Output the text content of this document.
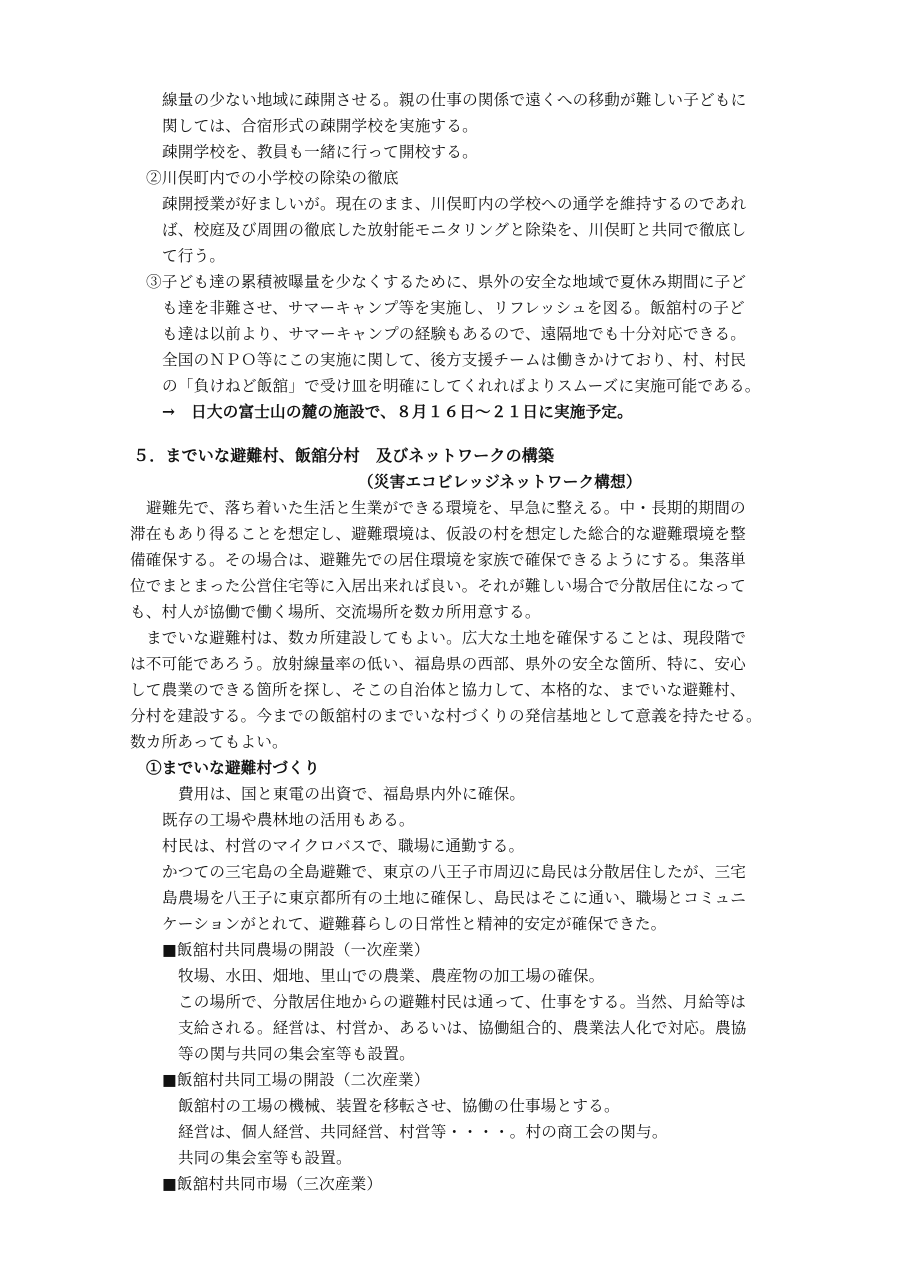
線量の少ない地域に疎開させる。親の仕事の関係で遠くへの移動が難しい子どもに
関しては、合宿形式の疎開学校を実施する。
疎開学校を、教員も一緒に行って開校する。
②川俣町内での小学校の除染の徹底
疎開授業が好ましいが。現在のまま、川俣町内の学校への通学を維持するのであれ
ば、校庭及び周囲の徹底した放射能モニタリングと除染を、川俣町と共同で徹底し
て行う。
③子ども達の累積被曝量を少なくするために、県外の安全な地域で夏休み期間に子ど
も達を非難させ、サマーキャンプ等を実施し、リフレッシュを図る。飯舘村の子ど
も達は以前より、サマーキャンプの経験もあるので、遠隔地でも十分対応できる。
全国のＮＰＯ等にこの実施に関して、後方支援チームは働きかけており、村、村民
の「負けねど飯舘」で受け皿を明確にしてくれればよりスムーズに実施可能である。
→　日大の富士山の麓の施設で、８月１６日～２１日に実施予定。
５．までいな避難村、飯舘分村　及びネットワークの構築
（災害エコビレッジネットワーク構想）
避難先で、落ち着いた生活と生業ができる環境を、早急に整える。中・長期的期間の
滞在もあり得ることを想定し、避難環境は、仮設の村を想定した総合的な避難環境を整
備確保する。その場合は、避難先での居住環境を家族で確保できるようにする。集落単
位でまとまった公営住宅等に入居出来れば良い。それが難しい場合で分散居住になって
も、村人が協働で働く場所、交流場所を数カ所用意する。
までいな避難村は、数カ所建設してもよい。広大な土地を確保することは、現段階で
は不可能であろう。放射線量率の低い、福島県の西部、県外の安全な箇所、特に、安心
して農業のできる箇所を探し、そこの自治体と協力して、本格的な、までいな避難村、
分村を建設する。今までの飯舘村のまでいな村づくりの発信基地として意義を持たせる。
数カ所あってもよい。
①までいな避難村づくり
費用は、国と東電の出資で、福島県内外に確保。
既存の工場や農林地の活用もある。
村民は、村営のマイクロバスで、職場に通勤する。
かつての三宅島の全島避難で、東京の八王子市周辺に島民は分散居住したが、三宅
島農場を八王子に東京都所有の土地に確保し、島民はそこに通い、職場とコミュニ
ケーションがとれて、避難暮らしの日常性と精神的安定が確保できた。
■飯舘村共同農場の開設（一次産業）
牧場、水田、畑地、里山での農業、農産物の加工場の確保。
この場所で、分散居住地からの避難村民は通って、仕事をする。当然、月給等は
支給される。経営は、村営か、あるいは、協働組合的、農業法人化で対応。農協
等の関与共同の集会室等も設置。
■飯舘村共同工場の開設（二次産業）
飯舘村の工場の機械、装置を移転させ、協働の仕事場とする。
経営は、個人経営、共同経営、村営等・・・・。村の商工会の関与。
共同の集会室等も設置。
■飯舘村共同市場（三次産業）
